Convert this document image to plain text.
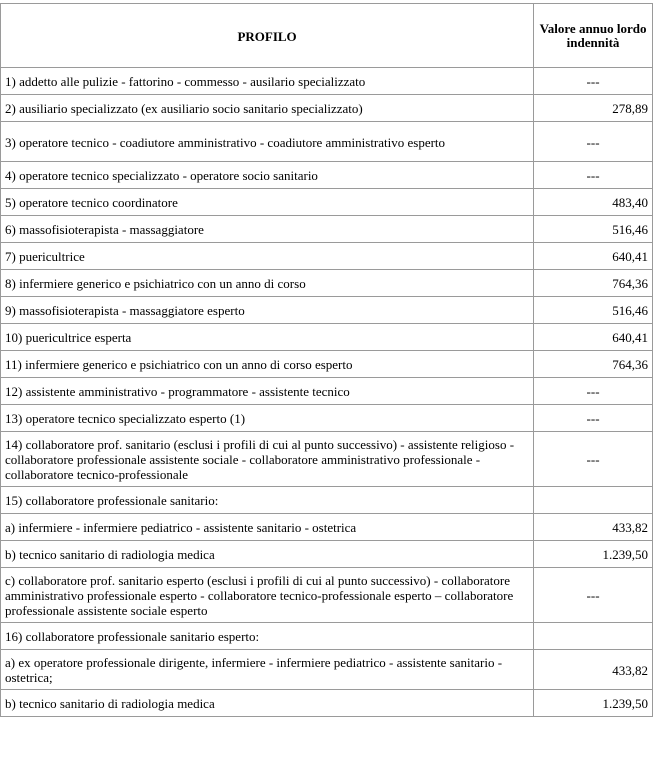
PROFILO	Valore annuo lordo indennità
1) addetto alle pulizie - fattorino - commesso - ausilario specializzato	---
2) ausiliario specializzato (ex ausiliario socio sanitario specializzato)	278,89
3) operatore tecnico - coadiutore amministrativo - coadiutore amministrativo esperto	---
4) operatore tecnico specializzato - operatore socio sanitario	---
5) operatore tecnico coordinatore	483,40
6) massofisioterapista - massaggiatore	516,46
7) puericultrice	640,41
8) infermiere generico e psichiatrico con un anno di corso	764,36
9) massofisioterapista - massaggiatore esperto	516,46
10) puericultrice esperta	640,41
11) infermiere generico e psichiatrico con un anno di corso esperto	764,36
12) assistente amministrativo - programmatore - assistente tecnico	---
13) operatore tecnico specializzato esperto (1)	---
14) collaboratore prof. sanitario (esclusi i profili di cui al punto successivo) - assistente religioso - collaboratore professionale assistente sociale - collaboratore amministrativo professionale - collaboratore tecnico-professionale	---
15) collaboratore professionale sanitario:	
a) infermiere - infermiere pediatrico - assistente sanitario - ostetrica	433,82
b) tecnico sanitario di radiologia medica	1.239,50
c) collaboratore prof. sanitario esperto (esclusi i profili di cui al punto successivo) - collaboratore amministrativo professionale esperto - collaboratore tecnico-professionale esperto – collaboratore professionale assistente sociale esperto	---
16) collaboratore professionale sanitario esperto:	
a) ex operatore professionale dirigente, infermiere - infermiere pediatrico - assistente sanitario - ostetrica;	433,82
b) tecnico sanitario di radiologia medica	1.239,50
